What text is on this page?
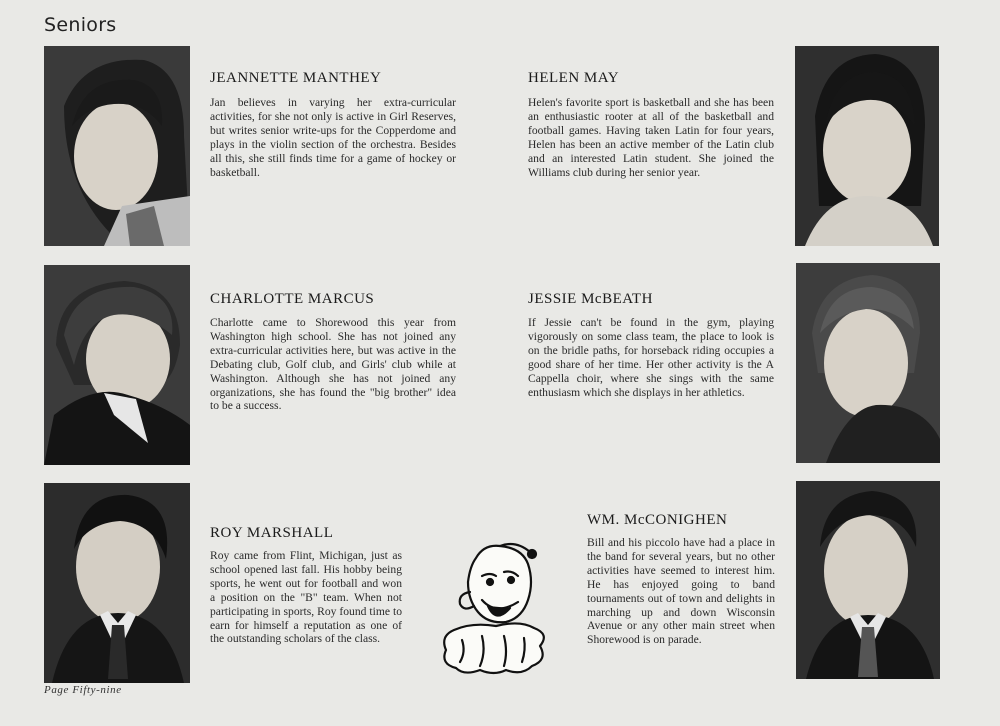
Seniors
JEANNETTE MANTHEY

Jan believes in varying her extra-curricular activities, for she not only is active in Girl Reserves, but writes senior write-ups for the Copperdome and plays in the violin section of the orchestra. Besides all this, she still finds time for a game of hockey or basketball.

HELEN MAY

Helen's favorite sport is basketball and she has been an enthusiastic rooter at all of the basketball and football games. Having taken Latin for four years, Helen has been an active member of the Latin club and an interested Latin student. She joined the Williams club during her senior year.

CHARLOTTE MARCUS

Charlotte came to Shorewood this year from Washington high school. She has not joined any extra-curricular activities here, but was active in the Debating club, Golf club, and Girls' club while at Washington. Although she has not joined any organizations, she has found the "big brother" idea to be a success.

JESSIE McBEATH

If Jessie can't be found in the gym, playing vigorously on some class team, the place to look is on the bridle paths, for horseback riding occupies a good share of her time. Her other activity is the A Cappella choir, where she sings with the same enthusiasm which she displays in her athletics.

ROY MARSHALL

Roy came from Flint, Michigan, just as school opened last fall. His hobby being sports, he went out for football and won a position on the "B" team. When not participating in sports, Roy found time to earn for himself a reputation as one of the outstanding scholars of the class.

WM. McCONIGHEN

Bill and his piccolo have had a place in the band for several years, but no other activities have seemed to interest him. He has enjoyed going to band tournaments out of town and delights in marching up and down Wisconsin Avenue or any other main street when Shorewood is on parade.

Page Fifty-nine
